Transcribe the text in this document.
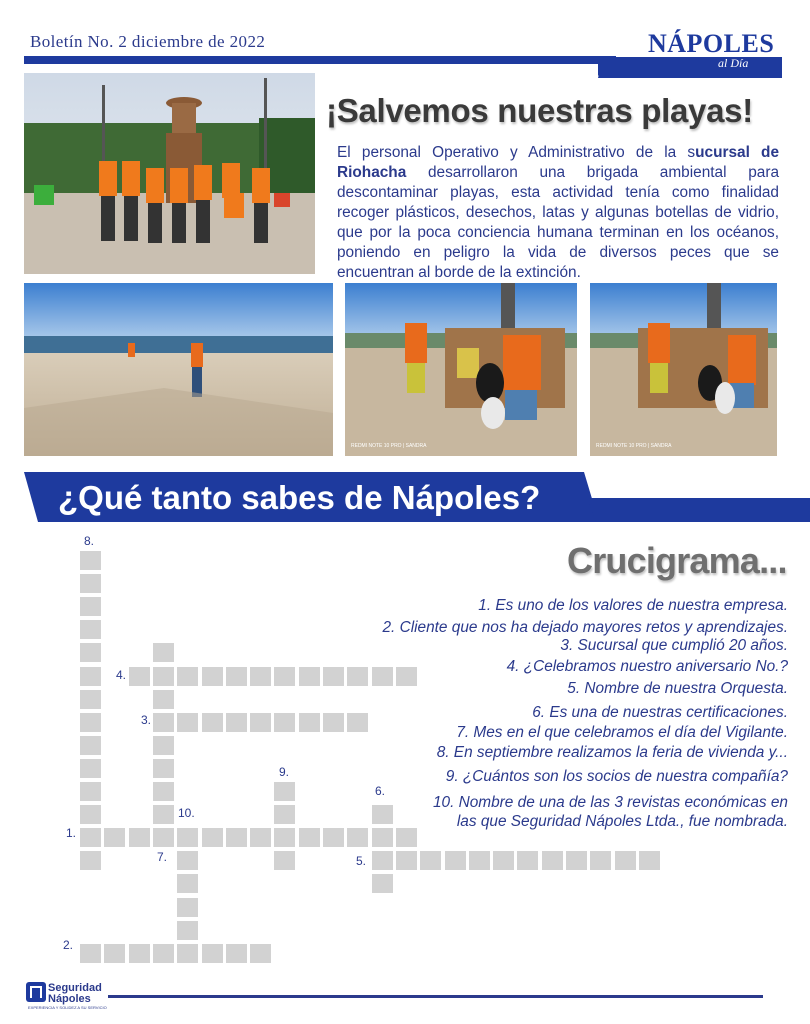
Boletín No. 2 diciembre de 2022	NÁPOLES
al Día
¡Salvemos nuestras playas!
El personal Operativo y Administrativo de la sucursal de Riohacha desarrollaron una brigada ambiental para descontaminar playas, esta actividad tenía como finalidad recoger plásticos, desechos, latas y algunas botellas de vidrio, que por la poca conciencia humana terminan en los océanos, poniendo en peligro la vida de diversos peces que se encuentran al borde de la extinción.
REDMI NOTE 10 PRO | SANDRA	REDMI NOTE 10 PRO | SANDRA
¿Qué tanto sabes de Nápoles?
Crucigrama...
1. Es uno de los valores de nuestra empresa.
2. Cliente que nos ha dejado mayores retos y aprendizajes.
3. Sucursal que cumplió 20 años.
4. ¿Celebramos nuestro aniversario No.?
5. Nombre de nuestra Orquesta.
6. Es una de nuestras certificaciones.
7. Mes en el que celebramos el día del Vigilante.
8. En septiembre realizamos la feria de vivienda y...
9. ¿Cuántos son los socios de nuestra compañía?
10. Nombre de una de las 3 revistas económicas en
las que Seguridad Nápoles Ltda., fue nombrada.
8.
4.
3.
9.
6.
10.
1.
7.	5.
2.
Seguridad
Nápoles
EXPERIENCIA Y SOLIDEZ A SU SERVICIO
